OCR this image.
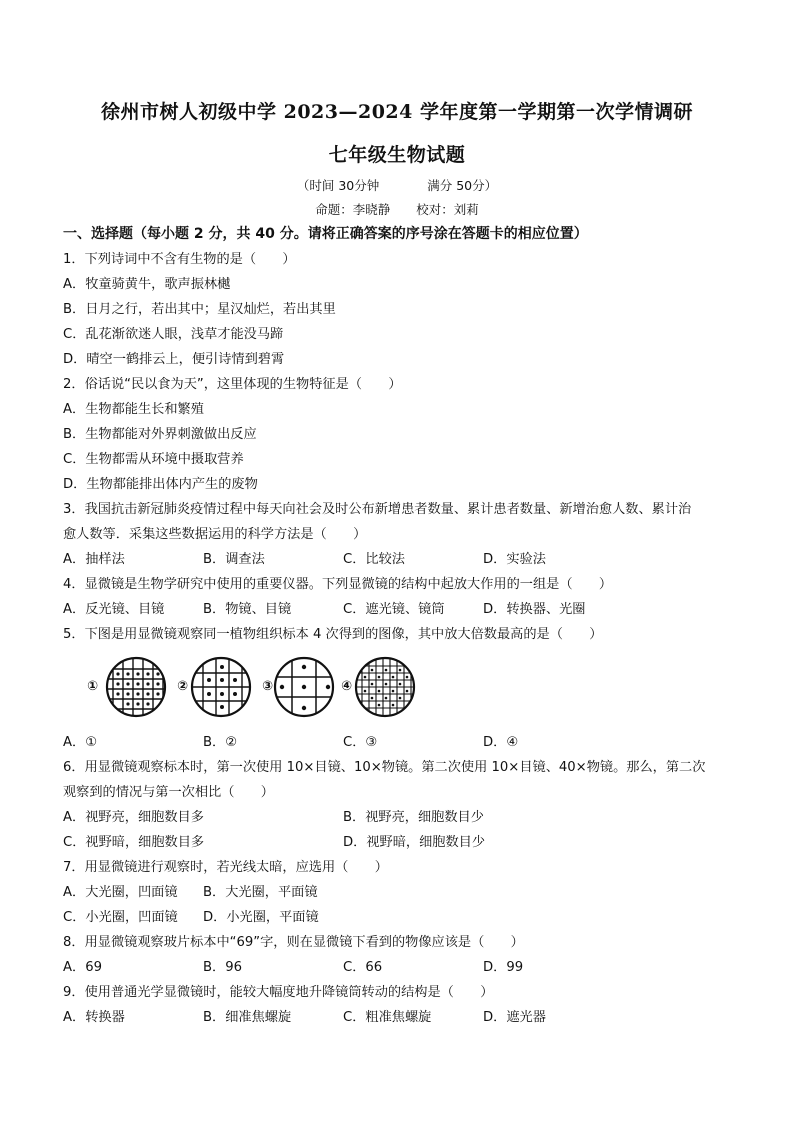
徐州市树人初级中学 2023—2024 学年度第一学期第一次学情调研
七年级生物试题
（时间 30分钟	满分 50分）
命题：李晓静 校对：刘莉
一、选择题（每小题 2 分，共 40 分。请将正确答案的序号涂在答题卡的相应位置）
1．下列诗词中不含有生物的是（　　）
A．牧童骑黄牛，歌声振林樾
B．日月之行，若出其中；星汉灿烂，若出其里
C．乱花渐欲迷人眼，浅草才能没马蹄
D．晴空一鹤排云上，便引诗情到碧霄
2．俗话说“民以食为天”，这里体现的生物特征是（　　）
A．生物都能生长和繁殖
B．生物都能对外界刺激做出反应
C．生物都需从环境中摄取营养
D．生物都能排出体内产生的废物
3．我国抗击新冠肺炎疫情过程中每天向社会及时公布新增患者数量、累计患者数量、新增治愈人数、累计治
愈人数等．采集这些数据运用的科学方法是（　　）
A．抽样法	B．调查法	C．比较法	D．实验法
4．显微镜是生物学研究中使用的重要仪器。下列显微镜的结构中起放大作用的一组是（　　）
A．反光镜、目镜	B．物镜、目镜	C．遮光镜、镜筒	D．转换器、光圈
5．下图是用显微镜观察同一植物组织标本 4 次得到的图像，其中放大倍数最高的是（　　）
①	②	③	④
A．①	B．②	C．③	D．④
6．用显微镜观察标本时，第一次使用 10×目镜、10×物镜。第二次使用 10×目镜、40×物镜。那么，第二次
观察到的情况与第一次相比（　　）
A．视野亮，细胞数目多	B．视野亮，细胞数目少
C．视野暗，细胞数目多	D．视野暗，细胞数目少
7．用显微镜进行观察时，若光线太暗，应选用（　　）
A．大光圈，凹面镜 B．大光圈，平面镜
C．小光圈，凹面镜 D．小光圈，平面镜
8．用显微镜观察玻片标本中“69”字，则在显微镜下看到的物像应该是（　　）
A．69	B．96	C．66	D．99
9．使用普通光学显微镜时，能较大幅度地升降镜筒转动的结构是（　　）
A．转换器	B．细准焦螺旋	C．粗准焦螺旋	D．遮光器
